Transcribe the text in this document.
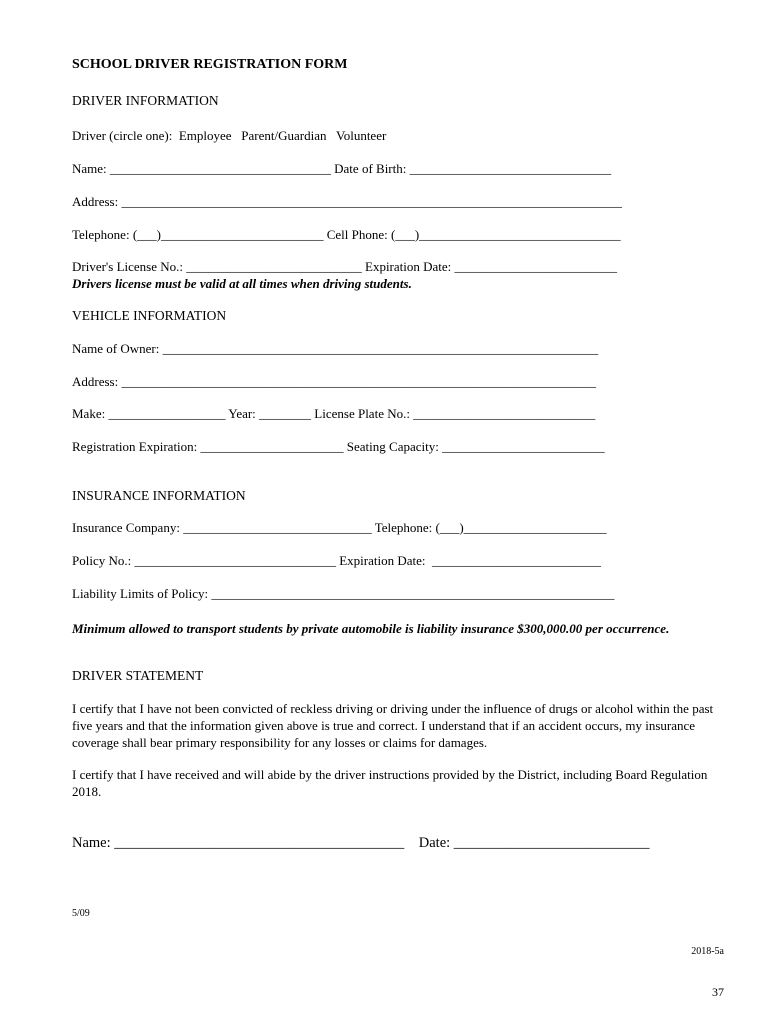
SCHOOL DRIVER REGISTRATION FORM
DRIVER INFORMATION
Driver (circle one):  Employee   Parent/Guardian   Volunteer
Name: __________________________________ Date of Birth: _______________________________
Address: _____________________________________________________________________________
Telephone: (___)_________________________ Cell Phone: (___)_______________________________
Driver's License No.: ___________________________ Expiration Date: _________________________
Drivers license must be valid at all times when driving students.
VEHICLE INFORMATION
Name of Owner: ___________________________________________________________________
Address: _________________________________________________________________________
Make: __________________ Year: ________ License Plate No.: ____________________________
Registration Expiration: ______________________ Seating Capacity: _________________________
INSURANCE INFORMATION
Insurance Company: _____________________________ Telephone: (___)______________________
Policy No.: _______________________________ Expiration Date:  __________________________
Liability Limits of Policy: ______________________________________________________________
Minimum allowed to transport students by private automobile is liability insurance $300,000.00 per occurrence.
DRIVER STATEMENT
I certify that I have not been convicted of reckless driving or driving under the influence of drugs or alcohol within the past five years and that the information given above is true and correct. I understand that if an accident occurs, my insurance coverage shall bear primary responsibility for any losses or claims for damages.
I certify that I have received and will abide by the driver instructions provided by the District, including Board Regulation 2018.
Name: ________________________________________    Date: ___________________________
5/09
2018-5a
37
